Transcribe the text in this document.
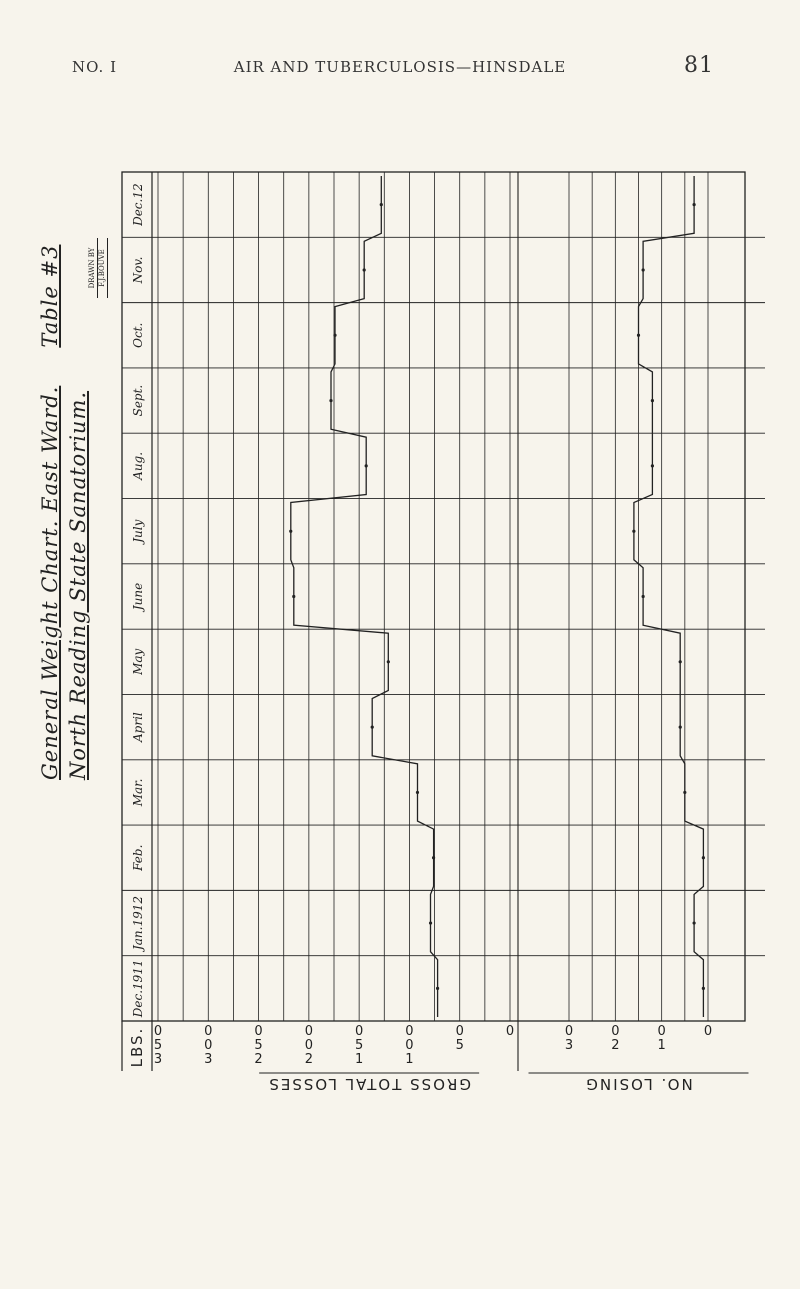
NO. I	AIR AND TUBERCULOSIS—HINSDALE	81
General Weight Chart. East Ward.Table #3
North Reading State Sanatorium.
DRAWN BY F.J.BOUVE
Dec.1911
Jan.1912
Feb.
Mar.
April
May
June
July
Aug.
Sept.
Oct.
Nov.
Dec.12
LBS. 0 5 3
0 0 3
0 5 2
0 0 2
0 5 1
0 0 1
0 5
0	0 3
0 2
0 1
0
GROSS TOTAL LOSSES	NO. LOSING
